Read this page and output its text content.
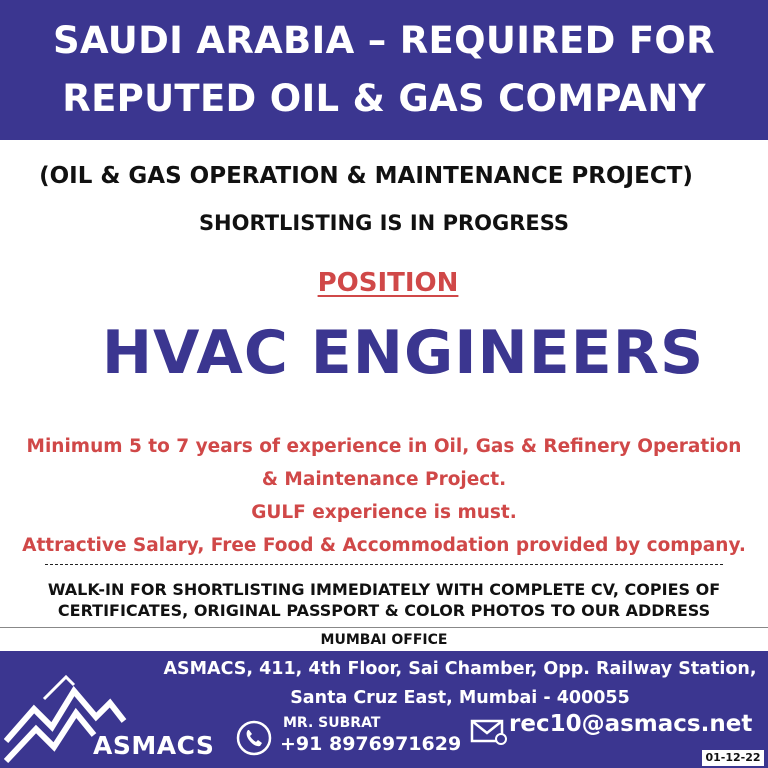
SAUDI ARABIA – REQUIRED FOR
REPUTED OIL & GAS COMPANY
(OIL & GAS OPERATION & MAINTENANCE PROJECT)
SHORTLISTING IS IN PROGRESS
POSITION
HVAC ENGINEERS
Minimum 5 to 7 years of experience in Oil, Gas & Refinery Operation
& Maintenance Project.
GULF experience is must.
Attractive Salary, Free Food & Accommodation provided by company.
WALK-IN FOR SHORTLISTING IMMEDIATELY WITH COMPLETE CV, COPIES OF
CERTIFICATES, ORIGINAL PASSPORT & COLOR PHOTOS TO OUR ADDRESS
MUMBAI OFFICE
ASMACS, 411, 4th Floor, Sai Chamber, Opp. Railway Station,
Santa Cruz East, Mumbai - 400055
ASMACS
MR. SUBRAT
+91 8976971629
rec10@asmacs.net
01-12-22
